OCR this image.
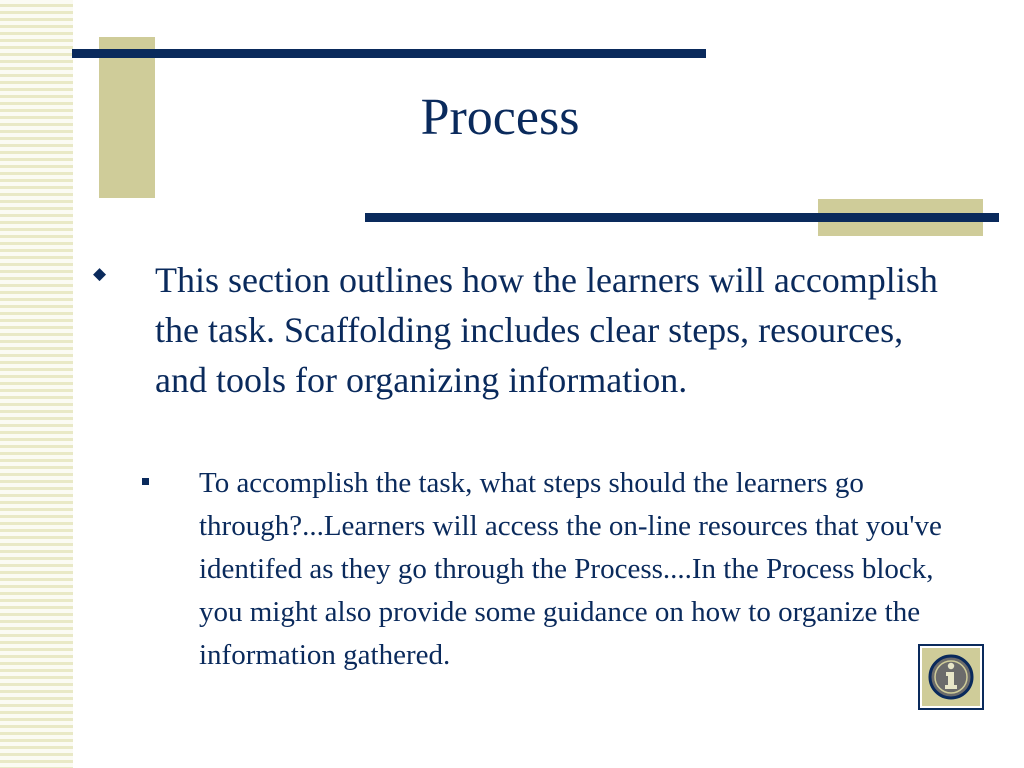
Process
◆ This section outlines how the learners will accomplish the task. Scaffolding includes clear steps, resources, and tools for organizing information.
To accomplish the task, what steps should the learners go through?...Learners will access the on-line resources that you've identifed as they go through the Process....In the Process block, you might also provide some guidance on how to organize the information gathered.
